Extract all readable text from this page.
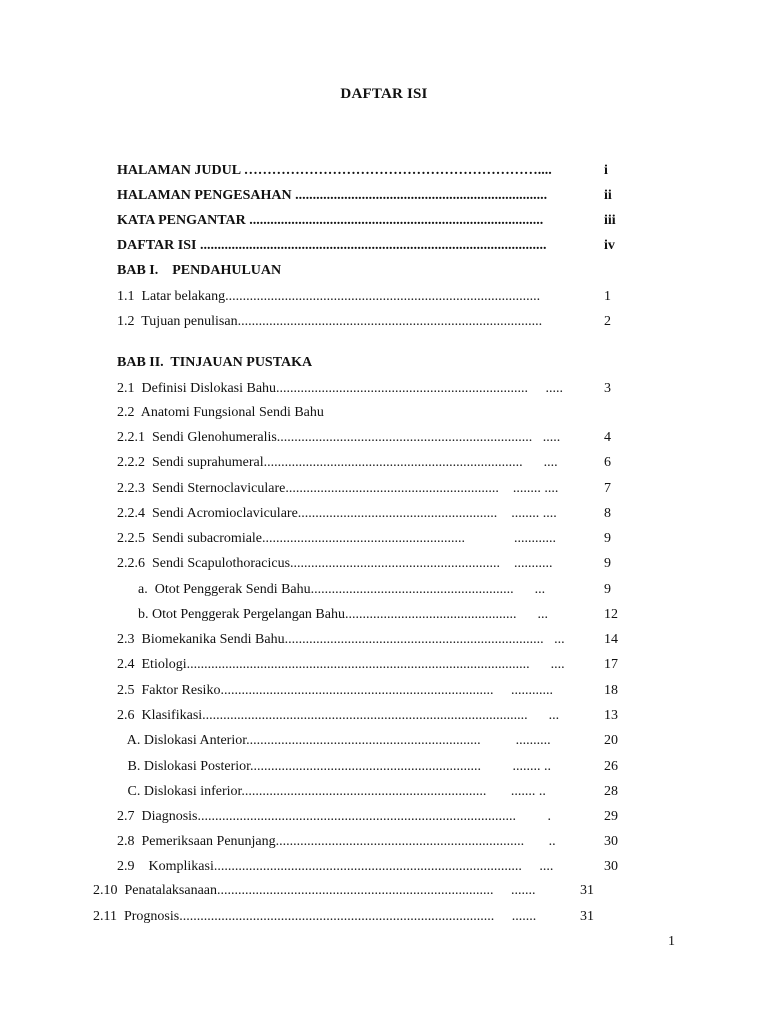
DAFTAR ISI
HALAMAN JUDUL ………………………………………………………....	i
HALAMAN PENGESAHAN ........................................................................	ii
KATA PENGANTAR ....................................................................................	iii
DAFTAR ISI ...................................................................................................	iv
BAB I.    PENDAHULUAN
1.1  Latar belakang..........................................................................................	1
1.2  Tujuan penulisan.......................................................................................	2
BAB II.  TINJAUAN PUSTAKA
2.1  Definisi Dislokasi Bahu........................................................................     .....	3
2.2  Anatomi Fungsional Sendi Bahu
2.2.1  Sendi Glenohumeralis.........................................................................   .....	4
2.2.2  Sendi suprahumeral..........................................................................      ....	6
2.2.3  Sendi Sternoclaviculare.............................................................    ........ ....	7
2.2.4  Sendi Acromioclaviculare.........................................................    ........ ....	8
2.2.5  Sendi subacromiale..........................................................              ............	9
2.2.6  Sendi Scapulothoracicus............................................................    ...........	9
a.  Otot Penggerak Sendi Bahu..........................................................      ...	9
b. Otot Penggerak Pergelangan Bahu.................................................      ...	12
2.3  Biomekanika Sendi Bahu..........................................................................   ...	14
2.4  Etiologi..................................................................................................      ....	17
2.5  Faktor Resiko..............................................................................     ............	18
2.6  Klasifikasi.............................................................................................      ...	13
A. Dislokasi Anterior...................................................................          ..........	20
B. Dislokasi Posterior..................................................................         ........ ..	26
C. Dislokasi inferior......................................................................       ....... ..	28
2.7  Diagnosis...........................................................................................         .	29
2.8  Pemeriksaan Penunjang.......................................................................       ..	30
2.9    Komplikasi........................................................................................     ....	30
2.10  Penatalaksanaan...............................................................................     .......	31
2.11  Prognosis..........................................................................................     .......	31
1
